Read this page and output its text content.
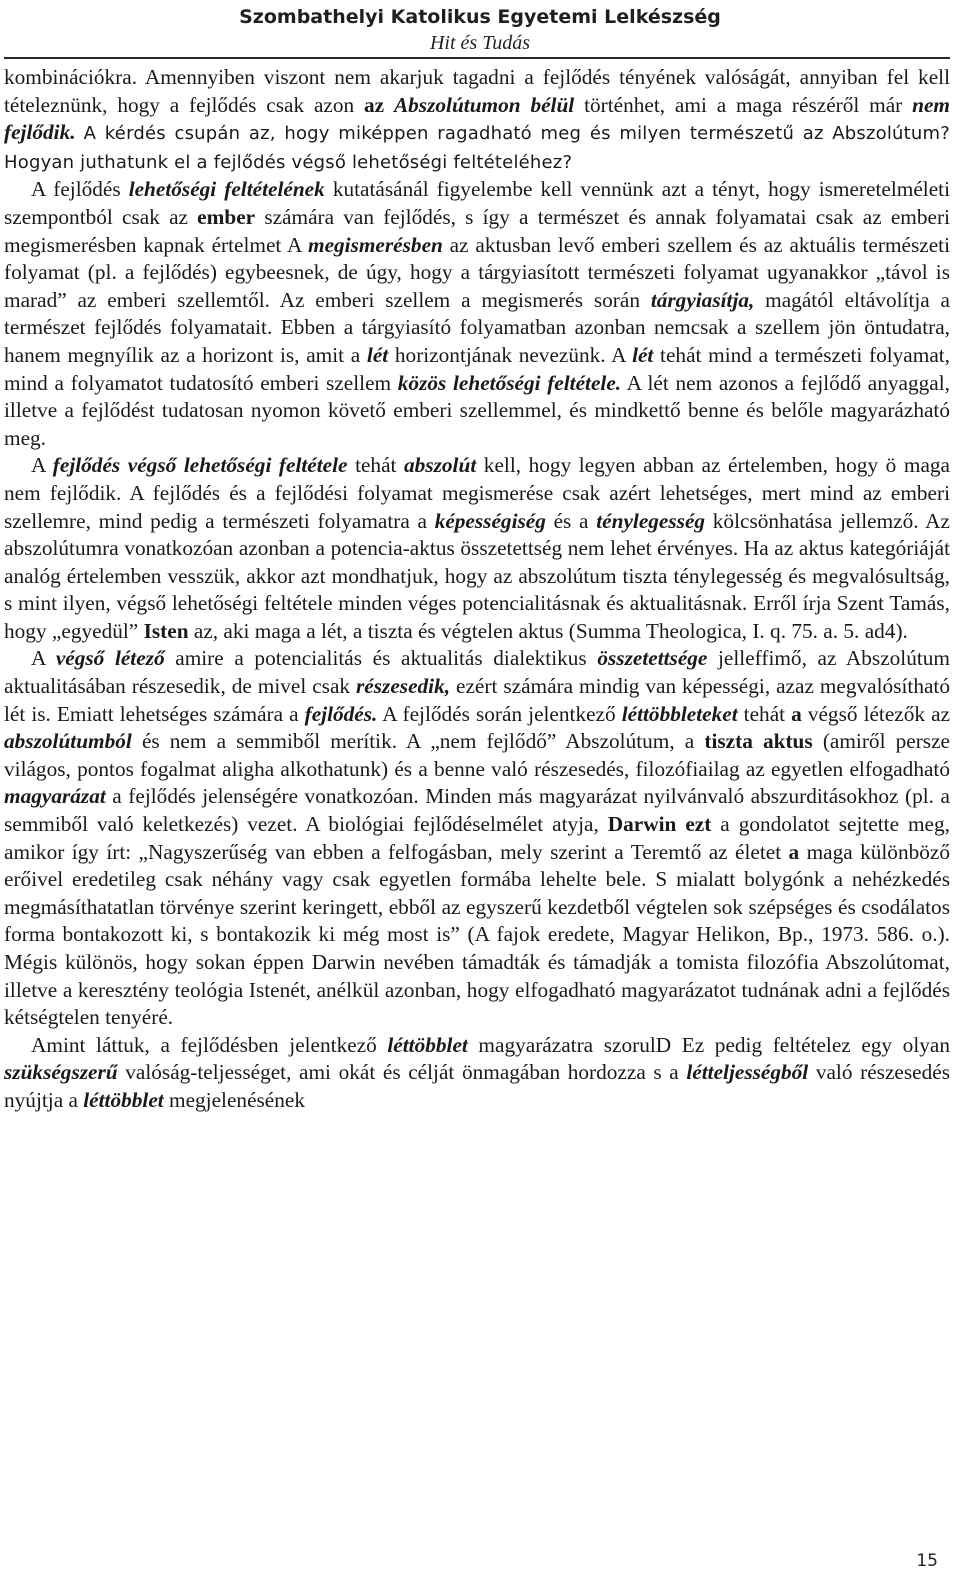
Szombathelyi Katolikus Egyetemi Lelkészség
Hit és Tudás

kombinációkra. Amennyiben viszont nem akarjuk tagadni a fejlődés tényének valóságát, annyiban fel kell tételeznünk, hogy a fejlődés csak azon az Abszolútumon bélül történhet, ami a maga részéről már nem fejlődik. A kérdés csupán az, hogy miképpen ragadható meg és milyen természetű az Abszolútum? Hogyan juthatunk el a fejlődés végső lehetőségi feltételéhez?

A fejlődés lehetőségi feltételének kutatásánál figyelembe kell vennünk azt a tényt, hogy ismeretelméleti szempontból csak az ember számára van fejlődés, s így a természet és annak folyamatai csak az emberi megismerésben kapnak értelmet A megismerésben az aktusban levő emberi szellem és az aktuális természeti folyamat (pl. a fejlődés) egybeesnek, de úgy, hogy a tárgyiasított természeti folyamat ugyanakkor „távol is marad” az emberi szellemtől. Az emberi szellem a megismerés során tárgyiasítja, magától eltávolítja a természet fejlődés folyamatait. Ebben a tárgyiasító folyamatban azonban nemcsak a szellem jön öntudatra, hanem megnyílik az a horizont is, amit a lét horizontjának nevezünk. A lét tehát mind a természeti folyamat, mind a folyamatot tudatosító emberi szellem közös lehetőségi feltétele. A lét nem azonos a fejlődő anyaggal, illetve a fejlődést tudatosan nyomon követő emberi szellemmel, és mindkettő benne és belőle magyarázható meg.

A fejlődés végső lehetőségi feltétele tehát abszolút kell, hogy legyen abban az értelemben, hogy ö maga nem fejlődik. A fejlődés és a fejlődési folyamat megismerése csak azért lehetséges, mert mind az emberi szellemre, mind pedig a természeti folyamatra a képességiség és a ténylegesség kölcsönhatása jellemző. Az abszolútumra vonatkozóan azonban a potencia-aktus összetettség nem lehet érvényes. Ha az aktus kategóriáját analóg értelemben vesszük, akkor azt mondhatjuk, hogy az abszolútum tiszta ténylegesség és megvalósultság, s mint ilyen, végső lehetőségi feltétele minden véges potencialitásnak és aktualitásnak. Erről írja Szent Tamás, hogy „egyedül” Isten az, aki maga a lét, a tiszta és végtelen aktus (Summa Theologica, I. q. 75. a. 5. ad4).

A végső létező amire a potencialitás és aktualitás dialektikus összetettsége jelleffimő, az Abszolútum aktualitásában részesedik, de mivel csak részesedik, ezért számára mindig van képességi, azaz megvalósítható lét is. Emiatt lehetséges számára a fejlődés. A fejlődés során jelentkező léttöbbleteket tehát a végső létezők az abszolútumból és nem a semmiből merítik. A „nem fejlődő” Abszolútum, a tiszta aktus (amiről persze világos, pontos fogalmat aligha alkothatunk) és a benne való részesedés, filozófiailag az egyetlen elfogadható magyarázat a fejlődés jelenségére vonatkozóan. Minden más magyarázat nyilvánvaló abszurditásokhoz (pl. a semmiből való keletkezés) vezet. A biológiai fejlődéselmélet atyja, Darwin ezt a gondolatot sejtette meg, amikor így írt: „Nagyszerűség van ebben a felfogásban, mely szerint a Teremtő az életet a maga különböző erőivel eredetileg csak néhány vagy csak egyetlen formába lehelte bele. S mialatt bolygónk a nehézkedés megmásíthatatlan törvénye szerint keringett, ebből az egyszerű kezdetből végtelen sok szépséges és csodálatos forma bontakozott ki, s bontakozik ki még most is” (A fajok eredete, Magyar Helikon, Bp., 1973. 586. o.). Mégis különös, hogy sokan éppen Darwin nevében támadták és támadják a tomista filozófia Abszolútomat, illetve a keresztény teológia Istenét, anélkül azonban, hogy elfogadható magyarázatot tudnának adni a fejlődés kétségtelen tenyéré.

Amint láttuk, a fejlődésben jelentkező léttöbblet magyarázatra szorulD Ez pedig feltételez egy olyan szükségszerű valóság-teljességet, ami okát és célját önmagában hordozza s a létteljességből való részesedés nyújtja a léttöbblet megjelenésének

15
